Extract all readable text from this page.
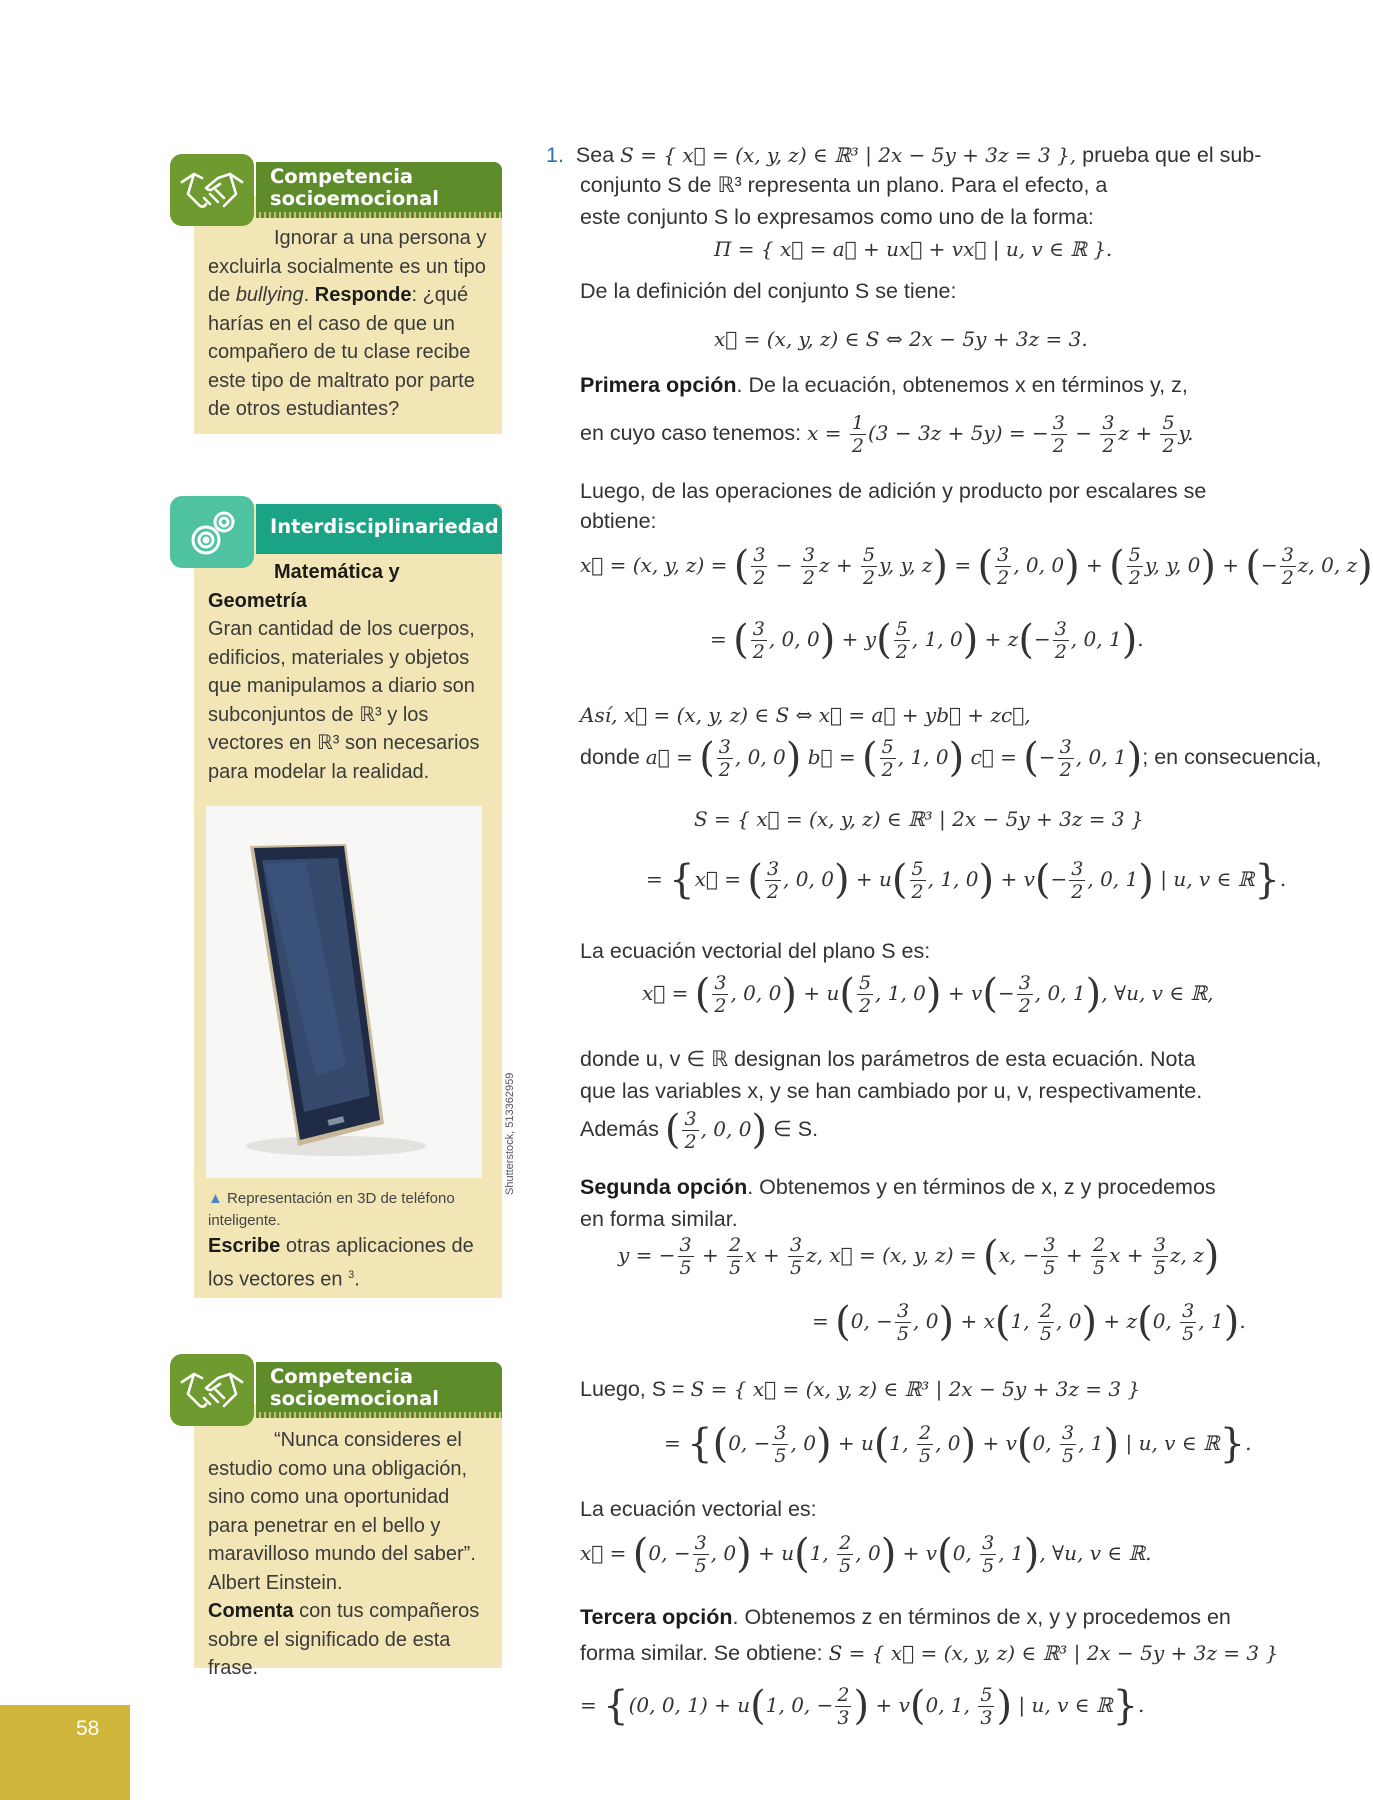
Ignorar a una persona y excluirla socialmente es un tipo de bullying. Responde: ¿qué harías en el caso de que un compañero de tu clase recibe este tipo de maltrato por parte de otros estudiantes?

Competencia
socioemocional

Matemática y

Geometría

Gran cantidad de los cuerpos, edificios, materiales y objetos que manipulamos a diario son subconjuntos de ℝ³ y los vectores en ℝ³ son necesarios para modelar la realidad.

▲ Representación en 3D de teléfono inteligente.
Escribe otras aplicaciones de los vectores en $^3$.
Interdisciplinariedad
Shutterstock, 513362959

“Nunca consideres el estudio como una obligación, sino como una oportunidad para penetrar en el bello y maravilloso mundo del saber”.

Albert Einstein.

Comenta con tus compañeros sobre el significado de esta frase.

Competencia
socioemocional
1. Sea S = { x⃗ = (x, y, z) ∈ ℝ³ | 2x − 5y + 3z = 3 }, prueba que el sub-
conjunto S de ℝ³ representa un plano. Para el efecto, a
este conjunto S lo expresamos como uno de la forma:
Π = { x⃗ = a⃗ + ux⃗ + vx⃗ | u, v ∈ ℝ }.
De la definición del conjunto S se tiene:
x⃗ = (x, y, z) ∈ S ⇔ 2x − 5y + 3z = 3.
Primera opción. De la ecuación, obtenemos x en términos y, z,
en cuyo caso tenemos: $x = \frac{1}{2} (3 - 3z + 5y)$ = − $\frac{3}{2} - \frac{3}{2}$ $z + \frac{5}{2} y$.
Luego, de las operaciones de adición y producto por escalares se
obtiene:
x⃗ = (x, y, z) = ( $\frac{3}{2} - \frac{3}{2}$ $z + \frac{5}{2} y$, y, z) = ( $\frac{3}{2}$ , 0, 0) + ( $\frac{5}{2} y$, y, 0) + (− $\frac{3}{2} z$, 0, z)
= ( $\frac{3}{2}$ , 0, $0) + y( \frac{5}{2}$ , 1, $0) + z(- \frac{3}{2}$ , 0, 1).
Así, x⃗ = (x, y, z) ∈ S ⇔ x⃗ = a⃗ + yb⃗ + zc⃗,
donde a⃗ = ( $\frac{3}{2}$ , 0, 0) b⃗ = ( $\frac{5}{2}$ , 1, 0) c⃗ = (− $\frac{3}{2}$ , 0, 1); en consecuencia,
S = { x⃗ = (x, y, z) ∈ ℝ³ | 2x − 5y + 3z = 3 }
= {x⃗ = ( $\frac{3}{2}$ , 0, $0) + u( \frac{5}{2}$ , 1, $0) + v(- \frac{3}{2}$ , 0, 1) | u, v ∈ ℝ}.
La ecuación vectorial del plano S es:
x⃗ = ( $\frac{3}{2}$ , 0, $0) + u( \frac{5}{2}$ , 1, $0) + v(- \frac{3}{2}$ , 0, 1), ∀u, v ∈ ℝ,
donde u, v ∈ ℝ designan los parámetros de esta ecuación. Nota
que las variables x, y se han cambiado por u, v, respectivamente.
Además ( $\frac{3}{2}$ , 0, 0) ∈ S.
Segunda opción. Obtenemos y en términos de x, z y procedemos
en forma similar.
y = − $\frac{3}{5} + \frac{2}{5}$ $x + \frac{3}{5} z$, x⃗ = (x, y, z) = (x, − $\frac{3}{5} + \frac{2}{5}$ $x + \frac{3}{5} z$, z)
= (0, − $\frac{3}{5}$ , 0) + x(1, $\frac{2}{5}$ , 0) + z(0, $\frac{3}{5}$ , 1).
Luego, S = S = { x⃗ = (x, y, z) ∈ ℝ³ | 2x − 5y + 3z = 3 }
= {(0, − $\frac{3}{5}$ , 0) + u(1, $\frac{2}{5}$ , 0) + v(0, $\frac{3}{5}$ , 1) | u, v ∈ ℝ}.
La ecuación vectorial es:
x⃗ = (0, − $\frac{3}{5}$ , 0) + u(1, $\frac{2}{5}$ , 0) + v(0, $\frac{3}{5}$ , 1), ∀u, v ∈ ℝ.
Tercera opción. Obtenemos z en términos de x, y y procedemos en
forma similar. Se obtiene: S = { x⃗ = (x, y, z) ∈ ℝ³ | 2x − 5y + 3z = 3 }
= {(0, 0, 1) + u(1, 0, − $\frac{2}{3}$ ) + v(0, 1, $\frac{5}{3}$ ) | u, v ∈ ℝ}.
58
